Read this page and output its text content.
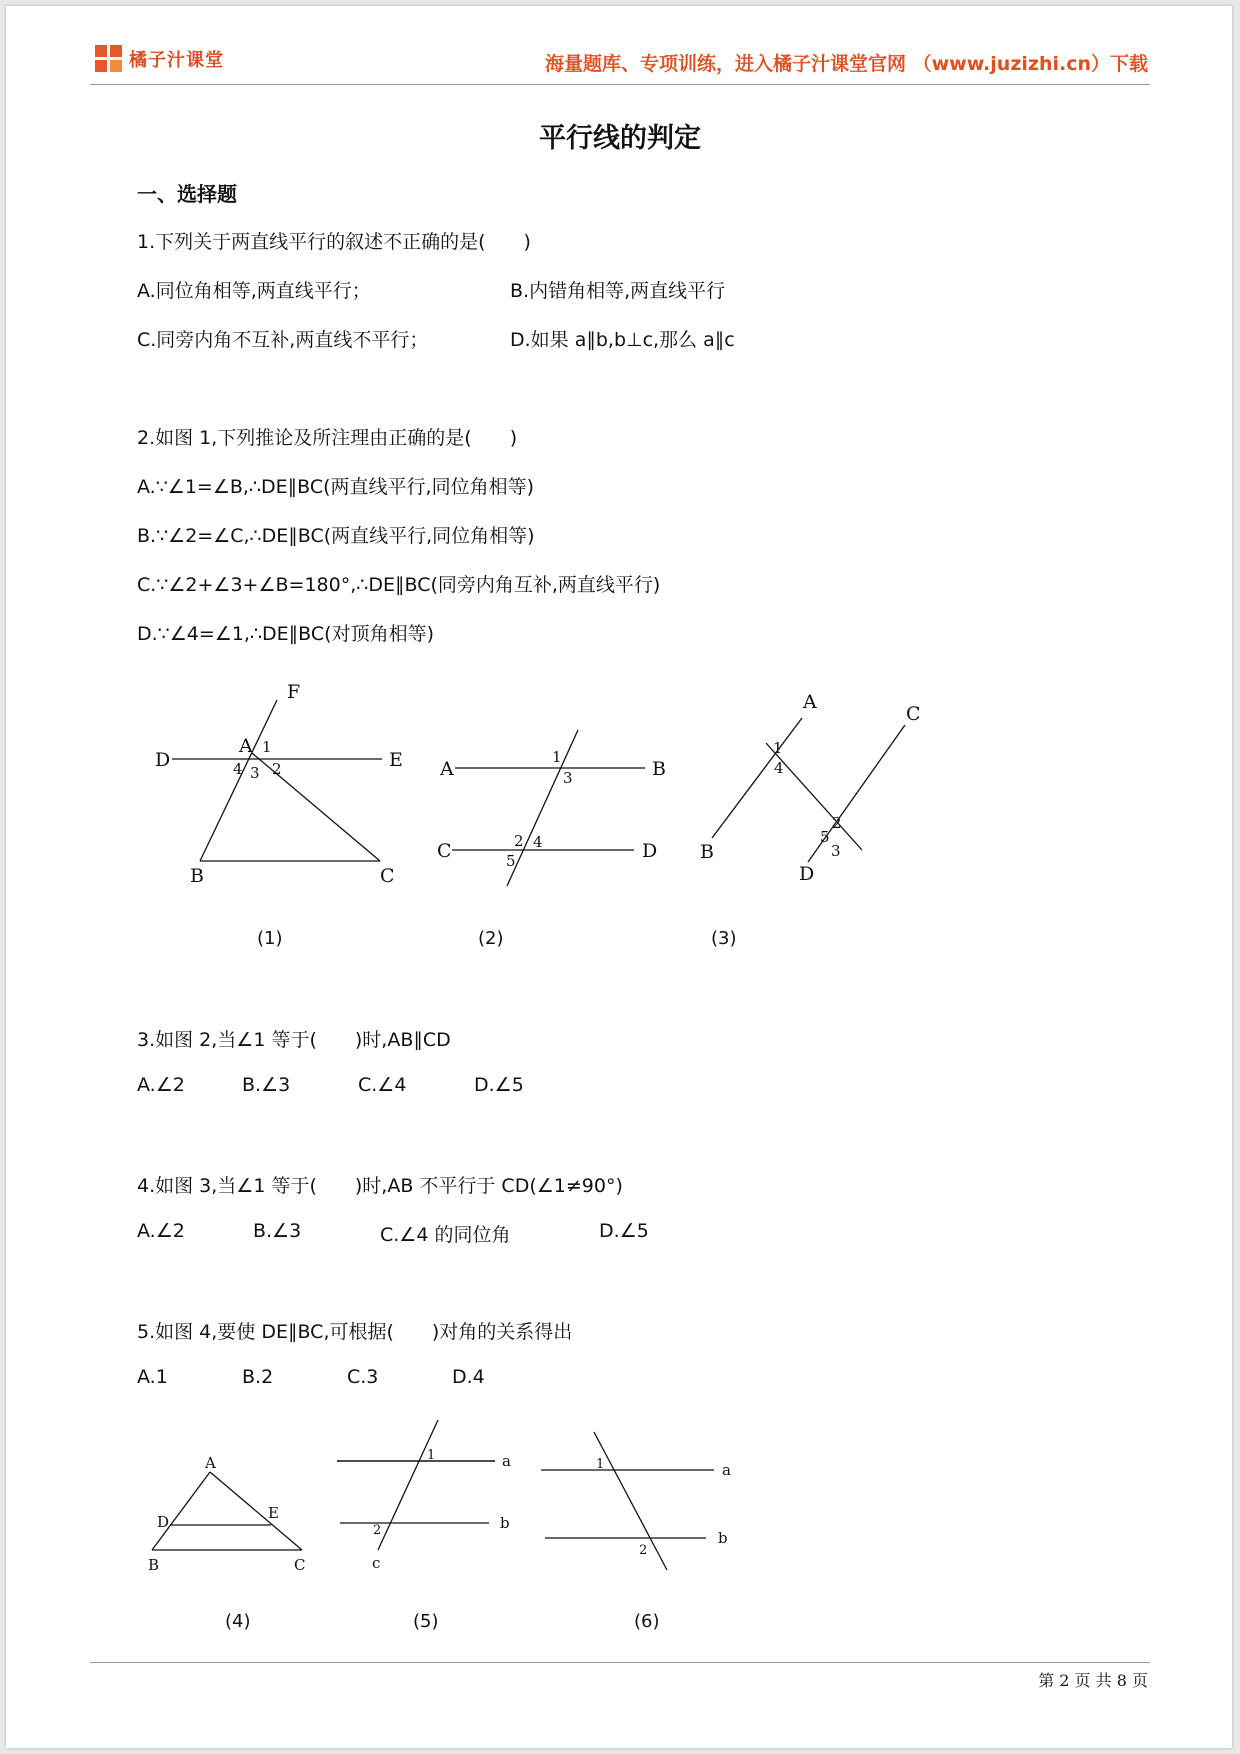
橘子汁课堂	海量题库、专项训练，进入橘子汁课堂官网 （www.juzizhi.cn）下载
平行线的判定
一、选择题
1.下列关于两直线平行的叙述不正确的是(　　)
A.同位角相等,两直线平行；	B.内错角相等,两直线平行
C.同旁内角不互补,两直线不平行；	D.如果 a∥b,b⊥c,那么 a∥c
2.如图 1,下列推论及所注理由正确的是(　　)
A.∵∠1=∠B,∴DE∥BC(两直线平行,同位角相等)
B.∵∠2=∠C,∴DE∥BC(两直线平行,同位角相等)
C.∵∠2+∠3+∠B=180°,∴DE∥BC(同旁内角互补,两直线平行)
D.∵∠4=∠1,∴DE∥BC(对顶角相等)
F
A
D	E
B	C
1
2
3
4	A	B
C	D
1
3
2 4
5
A
B
C
D
1
4
2
5
3
(1)	(2)	(3)
3.如图 2,当∠1 等于(　　)时,AB∥CD
A.∠2	B.∠3	C.∠4	D.∠5
4.如图 3,当∠1 等于(　　)时,AB 不平行于 CD(∠1≠90°)
A.∠2	B.∠3	C.∠4 的同位角	D.∠5
5.如图 4,要使 DE∥BC,可根据(　　)对角的关系得出
A.1	B.2	C.3	D.4
A
D	E
B	C
1
2
a
b
c
1
2
a
b
(4)	(5)	(6)
第 2 页 共 8 页
